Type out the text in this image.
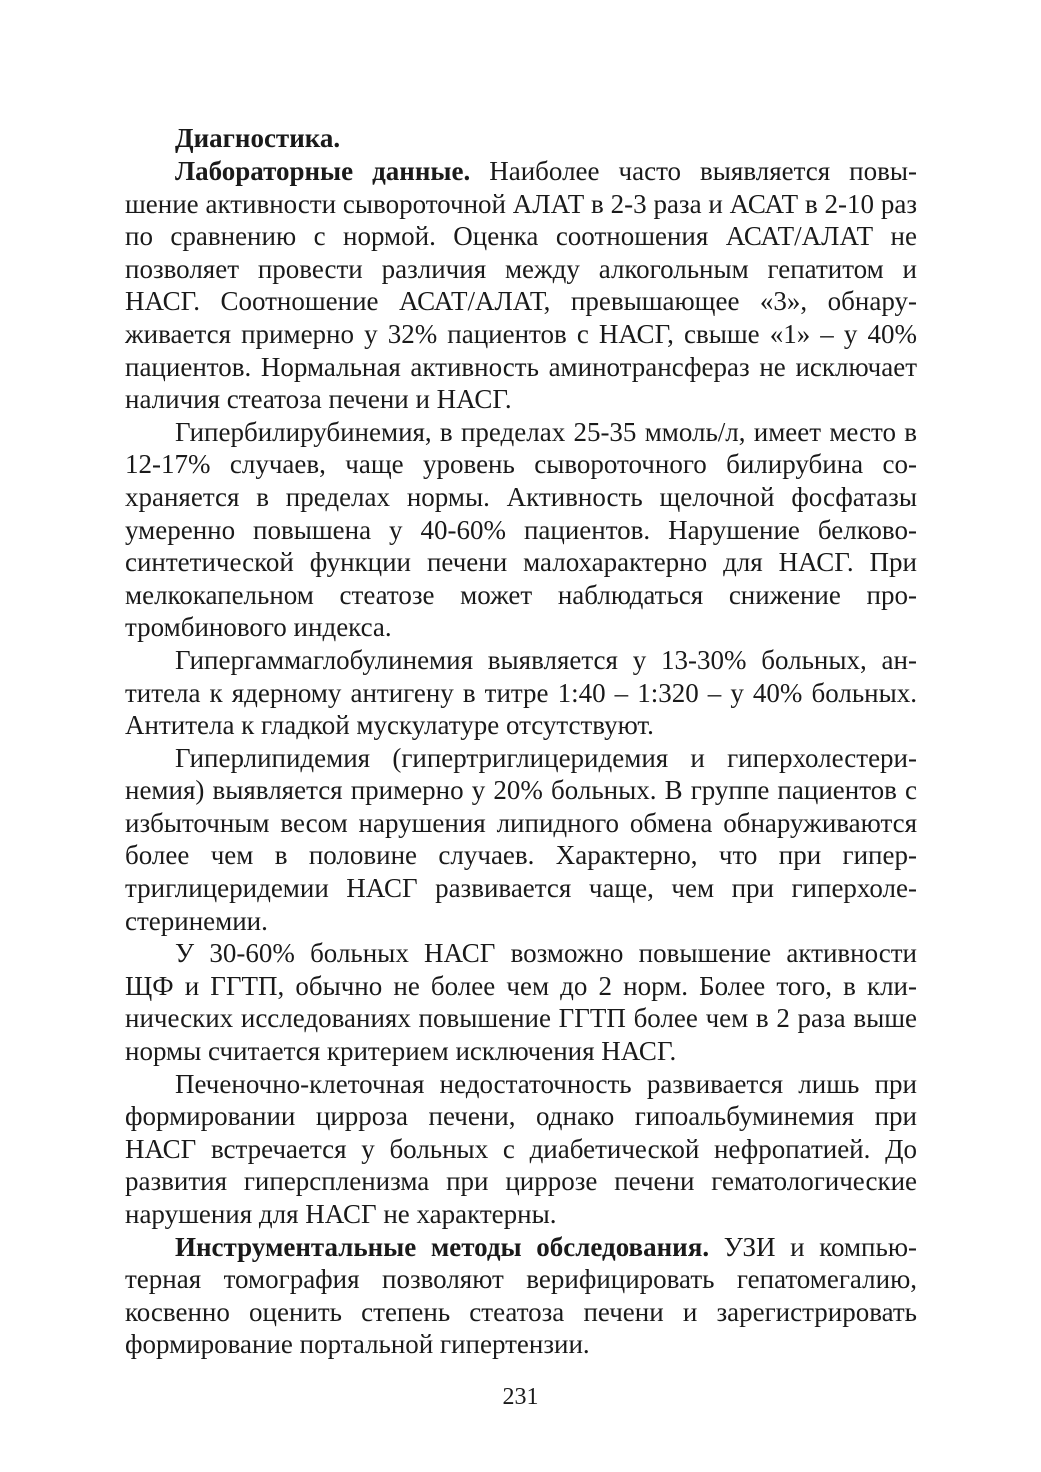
Диагностика.

Лабораторные данные. Наиболее часто выявляется повышение активности сывороточной АЛАТ в 2-3 раза и АСАТ в 2-10 раз по сравнению с нормой. Оценка соотношения АСАТ/АЛАТ не позволяет провести различия между алкогольным гепатитом и НАСГ. Соотношение АСАТ/АЛАТ, превышающее «3», обнаруживается примерно у 32% пациентов с НАСГ, свыше «1» – у 40% пациентов. Нормальная активность аминотрансфераз не исключает наличия стеатоза печени и НАСГ.

Гипербилирубинемия, в пределах 25-35 ммоль/л, имеет место в 12-17% случаев, чаще уровень сывороточного билирубина сохраняется в пределах нормы. Активность щелочной фосфатазы умеренно повышена у 40-60% пациентов. Нарушение белковосинтетической функции печени малохарактерно для НАСГ. При мелкокапельном стеатозе может наблюдаться снижение протромбинового индекса.

Гипергаммаглобулинемия выявляется у 13-30% больных, антитела к ядерному антигену в титре 1:40 – 1:320 – у 40% больных. Антитела к гладкой мускулатуре отсутствуют.

Гиперлипидемия (гипертриглицеридемия и гиперхолестеринемия) выявляется примерно у 20% больных. В группе пациентов с избыточным весом нарушения липидного обмена обнаруживаются более чем в половине случаев. Характерно, что при гипертриглицеридемии НАСГ развивается чаще, чем при гиперхолестеринемии.

У 30-60% больных НАСГ возможно повышение активности ЩФ и ГГТП, обычно не более чем до 2 норм. Более того, в клинических исследованиях повышение ГГТП более чем в 2 раза выше нормы считается критерием исключения НАСГ.

Печеночно-клеточная недостаточность развивается лишь при формировании цирроза печени, однако гипоальбуминемия при НАСГ встречается у больных с диабетической нефропатией. До развития гиперспленизма при циррозе печени гематологические нарушения для НАСГ не характерны.

Инструментальные методы обследования. УЗИ и компьютерная томография позволяют верифицировать гепатомегалию, косвенно оценить степень стеатоза печени и зарегистрировать формирование портальной гипертензии.

231
